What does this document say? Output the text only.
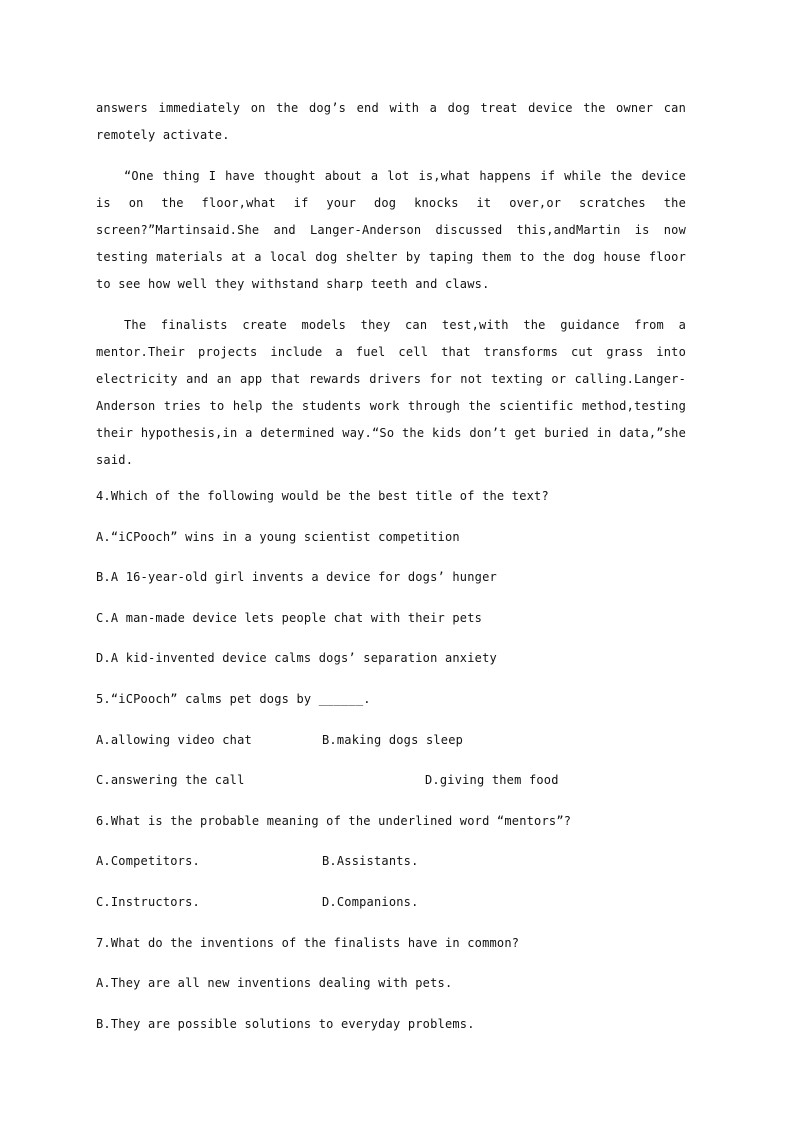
answers immediately on the dog’s end with a dog treat device the owner can remotely activate.

“One thing I have thought about a lot is,what happens if while the device is on the floor,what if your dog knocks it over,or scratches the screen?”Martinsaid.She and Langer-Anderson discussed this,andMartin is now testing materials at a local dog shelter by taping them to the dog house floor to see how well they withstand sharp teeth and claws.

The finalists create models they can test,with the guidance from a mentor.Their projects include a fuel cell that transforms cut grass into electricity and an app that rewards drivers for not texting or calling.Langer-Anderson tries to help the students work through the scientific method,testing their hypothesis,in a determined way.“So the kids don’t get buried in data,”she said.

4.Which of the following would be the best title of the text?

A.“iCPooch” wins in a young scientist competition

B.A 16-year-old girl invents a device for dogs’ hunger

C.A man-made device lets people chat with their pets

D.A kid-invented device calms dogs’ separation anxiety

5.“iCPooch” calms pet dogs by ______.

A.allowing video chat

	B.making dogs sleep

C.answering the call

	D.giving them food

6.What is the probable meaning of the underlined word “mentors”?

A.Competitors.

	B.Assistants.

C.Instructors.

	D.Companions.

7.What do the inventions of the finalists have in common?

A.They are all new inventions dealing with pets.

B.They are possible solutions to everyday problems.
